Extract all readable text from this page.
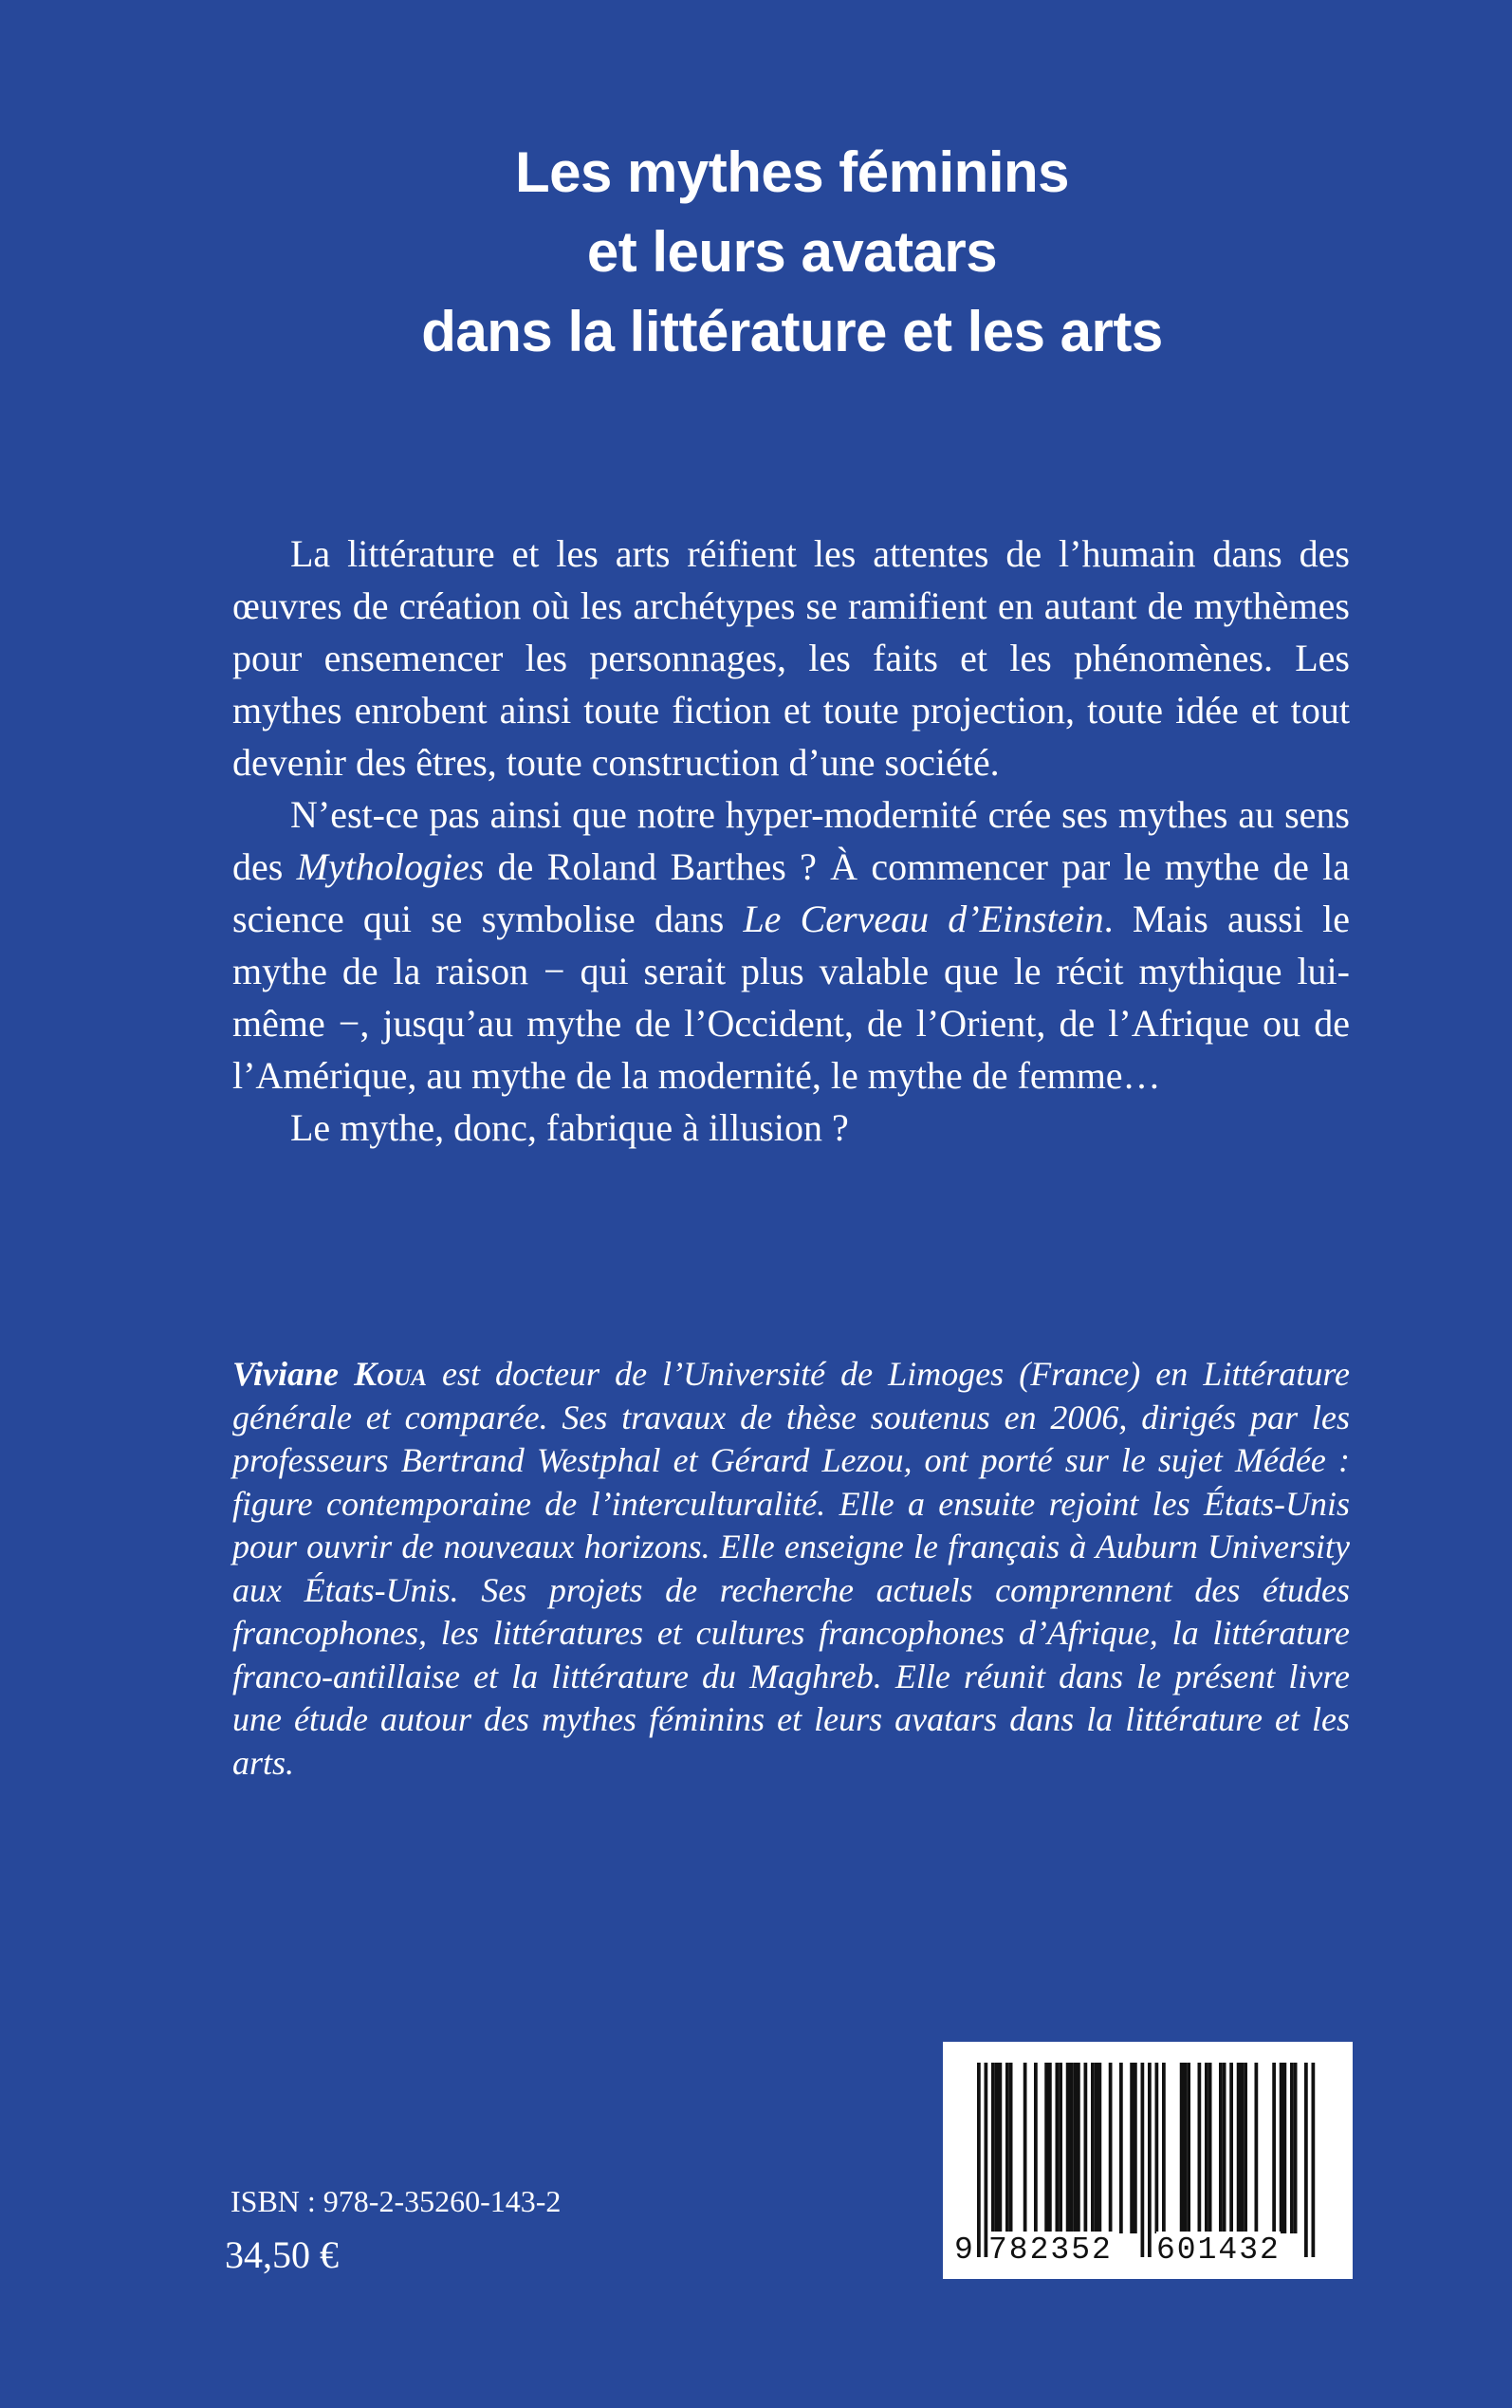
Les mythes féminins
et leurs avatars
dans la littérature et les arts

La littérature et les arts réifient les attentes de l’humain dans des œuvres de création où les archétypes se ramifient en autant de mythèmes pour ensemencer les personnages, les faits et les phénomènes. Les mythes enrobent ainsi toute fiction et toute projection, toute idée et tout devenir des êtres, toute construction d’une société.

N’est-ce pas ainsi que notre hyper-modernité crée ses mythes au sens des Mythologies de Roland Barthes ? À commencer par le mythe de la science qui se symbolise dans Le Cerveau d’Einstein. Mais aussi le mythe de la raison − qui serait plus valable que le récit mythique lui-même −, jusqu’au mythe de l’Occident, de l’Orient, de l’Afrique ou de l’Amérique, au mythe de la modernité, le mythe de femme…

Le mythe, donc, fabrique à illusion ?

Viviane Koua est docteur de l’Université de Limoges (France) en Littérature générale et comparée. Ses travaux de thèse soutenus en 2006, dirigés par les professeurs Bertrand Westphal et Gérard Lezou, ont porté sur le sujet Médée : figure contemporaine de l’interculturalité. Elle a ensuite rejoint les États-Unis pour ouvrir de nouveaux horizons. Elle enseigne le français à Auburn University aux États-Unis. Ses projets de recherche actuels comprennent des études francophones, les littératures et cultures francophones d’Afrique, la littérature franco-antillaise et la littérature du Maghreb. Elle réunit dans le présent livre une étude autour des mythes féminins et leurs avatars dans la littérature et les arts.

ISBN : 978-2-35260-143-2
34,50 €	9 782352 601432
